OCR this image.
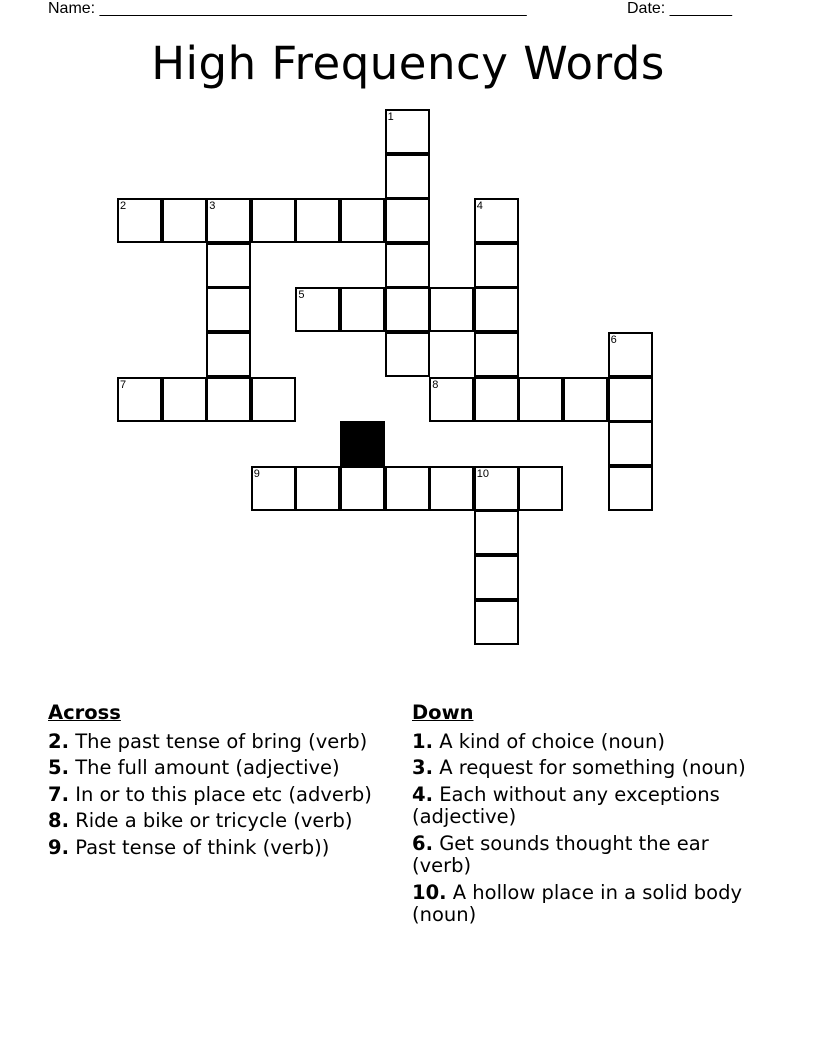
Name: ________________________________________________	Date: _______
High Frequency Words
1
2	3	4
5
6
7	8
9	10
Across
2. The past tense of bring (verb)
5. The full amount (adjective)
7. In or to this place etc (adverb)
8. Ride a bike or tricycle (verb)
9. Past tense of think (verb))
Down
1. A kind of choice (noun)
3. A request for something (noun)
4. Each without any exceptions (adjective)
6. Get sounds thought the ear (verb)
10. A hollow place in a solid body (noun)
